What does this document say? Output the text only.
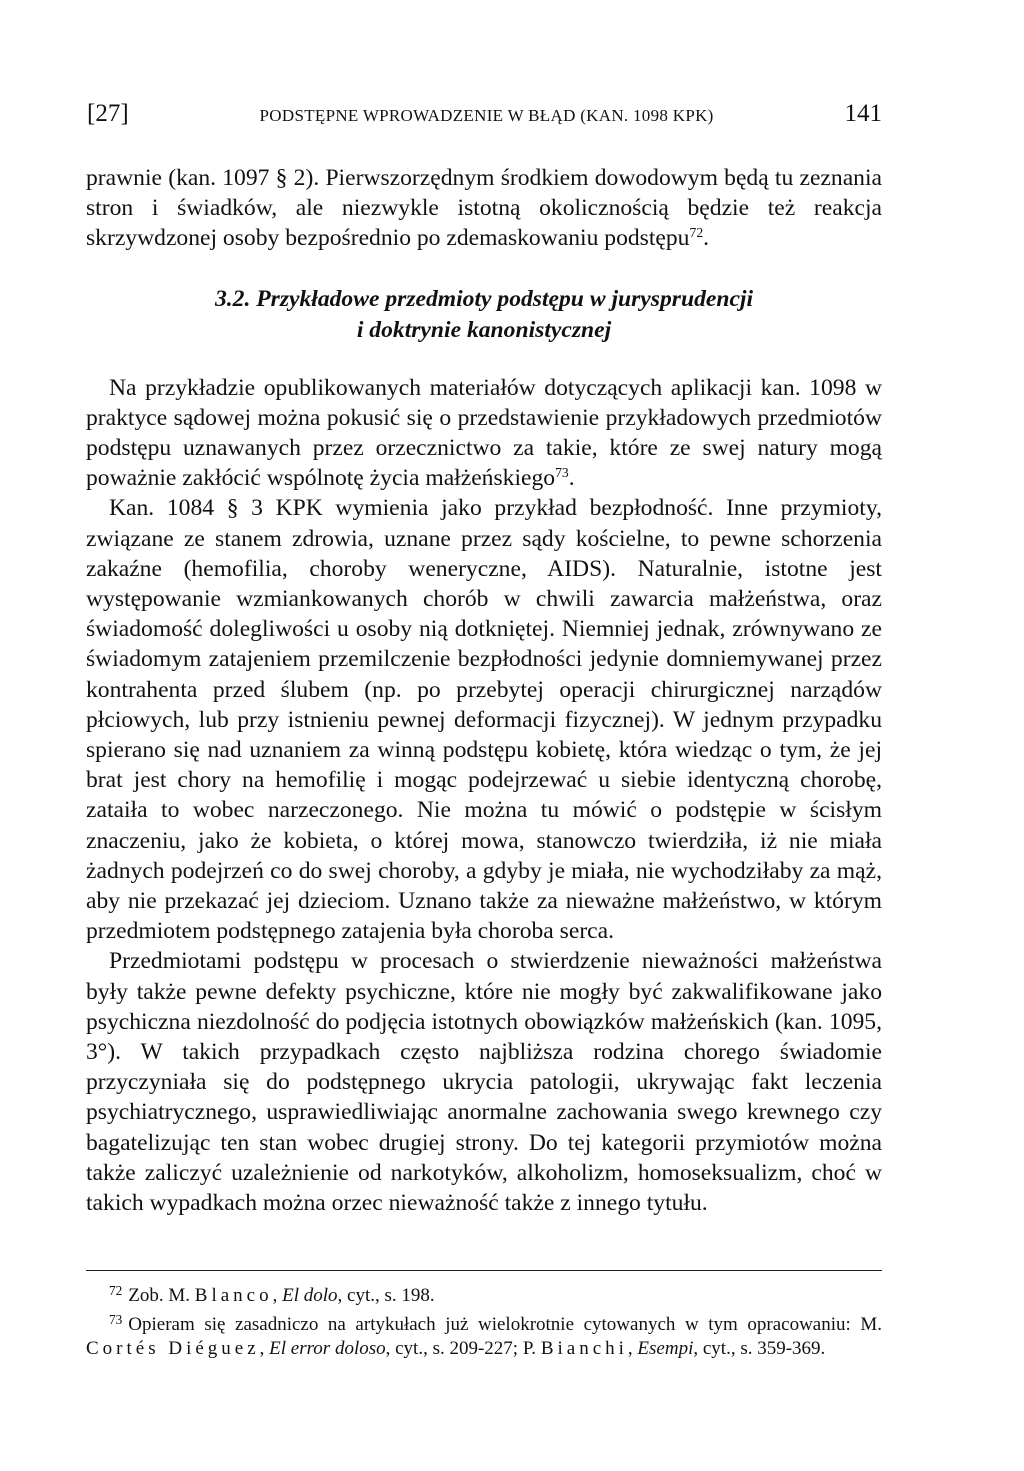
[27]	PODSTĘPNE WPROWADZENIE W BŁĄD (KAN. 1098 KPK)	141

prawnie (kan. 1097 § 2). Pierwszorzędnym środkiem dowodowym będą tu zeznania stron i świadków, ale niezwykle istotną okolicznością będzie też reakcja skrzywdzonej osoby bezpośrednio po zdemaskowaniu podstępu$^{72}$.

3.2. Przykładowe przedmioty podstępu w jurysprudencji
i doktrynie kanonistycznej

Na przykładzie opublikowanych materiałów dotyczących aplikacji kan. 1098 w praktyce sądowej można pokusić się o przedstawienie przykładowych przedmiotów podstępu uznawanych przez orzecznictwo za takie, które ze swej natury mogą poważnie zakłócić wspólnotę życia małżeńskiego$^{73}$.

Kan. 1084 § 3 KPK wymienia jako przykład bezpłodność. Inne przymioty, związane ze stanem zdrowia, uznane przez sądy kościelne, to pewne schorzenia zakaźne (hemofilia, choroby weneryczne, AIDS). Naturalnie, istotne jest występowanie wzmiankowanych chorób w chwili zawarcia małżeństwa, oraz świadomość dolegliwości u osoby nią dotkniętej. Niemniej jednak, zrównywano ze świadomym zatajeniem przemilczenie bezpłodności jedynie domniemywanej przez kontrahenta przed ślubem (np. po przebytej operacji chirurgicznej narządów płciowych, lub przy istnieniu pewnej deformacji fizycznej). W jednym przypadku spierano się nad uznaniem za winną podstępu kobietę, która wiedząc o tym, że jej brat jest chory na hemofilię i mogąc podejrzewać u siebie identyczną chorobę, zataiła to wobec narzeczonego. Nie można tu mówić o podstępie w ścisłym znaczeniu, jako że kobieta, o której mowa, stanowczo twierdziła, iż nie miała żadnych podejrzeń co do swej choroby, a gdyby je miała, nie wychodziłaby za mąż, aby nie przekazać jej dzieciom. Uznano także za nieważne małżeństwo, w którym przedmiotem podstępnego zatajenia była choroba serca.

Przedmiotami podstępu w procesach o stwierdzenie nieważności małżeństwa były także pewne defekty psychiczne, które nie mogły być zakwalifikowane jako psychiczna niezdolność do podjęcia istotnych obowiązków małżeńskich (kan. 1095, 3°). W takich przypadkach często najbliższa rodzina chorego świadomie przyczyniała się do podstępnego ukrycia patologii, ukrywając fakt leczenia psychiatrycznego, usprawiedliwiając anormalne zachowania swego krewnego czy bagatelizując ten stan wobec drugiej strony. Do tej kategorii przymiotów można także zaliczyć uzależnienie od narkotyków, alkoholizm, homoseksualizm, choć w takich wypadkach można orzec nieważność także z innego tytułu.

$^{72}$ Zob. M. Blanco, El dolo, cyt., s. 198.

$^{73}$ Opieram się zasadniczo na artykułach już wielokrotnie cytowanych w tym opracowaniu: M. Cortés Diéguez, El error doloso, cyt., s. 209-227; P. Bianchi, Esempi, cyt., s. 359-369.
